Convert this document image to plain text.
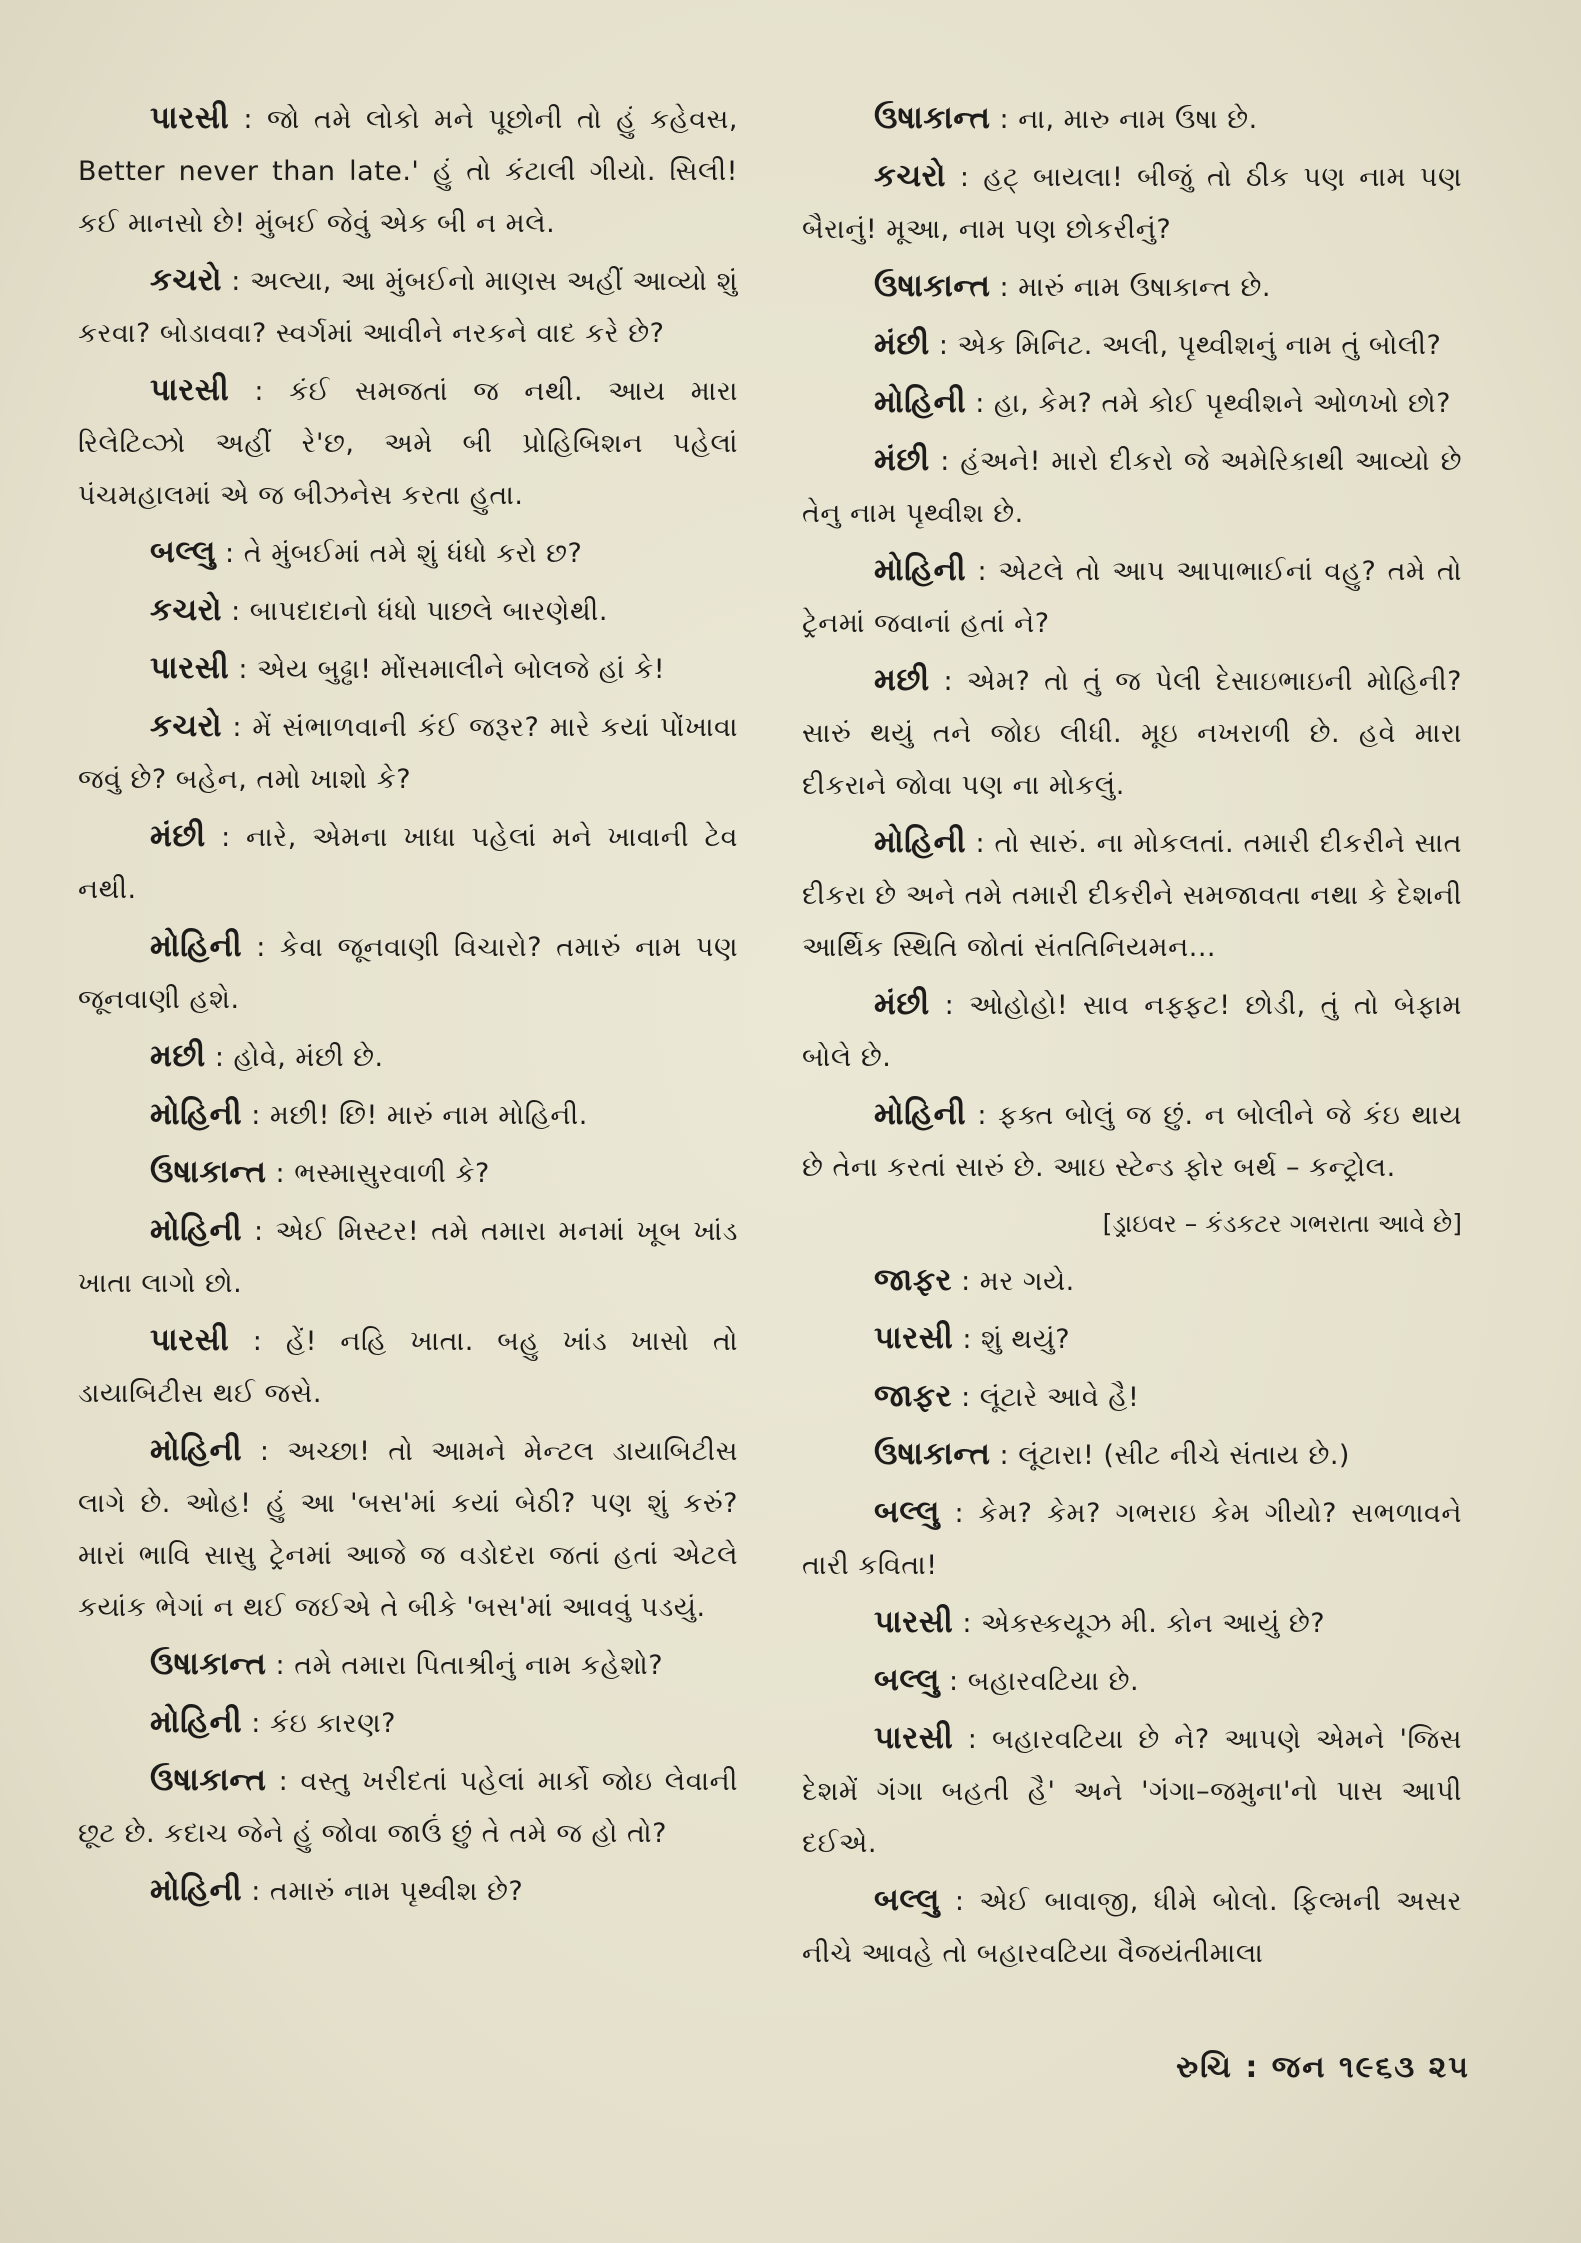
પારસી : જો તમે લોકો મને પૂછોની તો હું કહેવસ, Better never than late.' હું તો કંટાલી ગીયો. સિલી! કઈ માનસો છે! મુંબઈ જેવું એક બી ન મલે.

કચરો : અલ્યા, આ મુંબઈનો માણસ અહીં આવ્યો શું કરવા? બોડાવવા? સ્વર્ગમાં આવીને નરકને વાદ કરે છે?

પારસી : કંઈ સમજતાં જ નથી. આય મારા રિલેટિવ્ઝો અહીં રે'છ, અમે બી પ્રોહિબિશન પહેલાં પંચમહાલમાં એ જ બીઝનેસ કરતા હુતા.

બલ્લુ : તે મુંબઈમાં તમે શું ધંધો કરો છ?

કચરો : બાપદાદાનો ધંધો પાછલે બારણેથી.

પારસી : એય બુઢ્ઢા! મોંસમાલીને બોલજે હાં કે!

કચરો : મેં સંભાળવાની કંઈ જરૂર? મારે કયાં પોંખાવા જવું છે? બહેન, તમો ખાશો કે?

મંછી : નારે, એમના ખાધા પહેલાં મને ખાવાની ટેવ નથી.

મોહિની : કેવા જૂનવાણી વિચારો? તમારું નામ પણ જૂનવાણી હશે.

મછી : હોવે, મંછી છે.

મોહિની : મછી! છિ! મારું નામ મોહિની.

ઉષાકાન્ત : ભસ્માસુરવાળી કે?

મોહિની : એઈ મિસ્ટર! તમે તમારા મનમાં ખૂબ ખાંડ ખાતા લાગો છો.

પારસી : હેં! નહિ ખાતા. બહુ ખાંડ ખાસો તો ડાયાબિટીસ થઈ જસે.

મોહિની : અચ્છા! તો આમને મેન્ટલ ડાયાબિટીસ લાગે છે. ઓહ! હું આ 'બસ'માં કયાં બેઠી? પણ શું કરું? મારાં ભાવિ સાસુ ટ્રેનમાં આજે જ વડોદરા જતાં હતાં એટલે કયાંક ભેગાં ન થઈ જઈએ તે બીકે 'બસ'માં આવવું પડયું.

ઉષાકાન્ત : તમે તમારા પિતાશ્રીનું નામ કહેશો?

મોહિની : કંઇ કારણ?

ઉષાકાન્ત : વસ્તુ ખરીદતાં પહેલાં માર્કો જોઇ લેવાની છૂટ છે. કદાચ જેને હું જોવા જાઉં છું તે તમે જ હો તો?

મોહિની : તમારું નામ પૃથ્વીશ છે?

ઉષાકાન્ત : ના, મારુ નામ ઉષા છે.

કચરો : હટ્ બાયલા! બીજું તો ઠીક પણ નામ પણ બૈરાનું! મૂઆ, નામ પણ છોકરીનું?

ઉષાકાન્ત : મારું નામ ઉષાકાન્ત છે.

મંછી : એક મિનિટ. અલી, પૃથ્વીશનું નામ તું બોલી?

મોહિની : હા, કેમ? તમે કોઈ પૃથ્વીશને ઓળખો છો?

મંછી : હંઅને! મારો દીકરો જે અમેરિકાથી આવ્યો છે તેનુ નામ પૃથ્વીશ છે.

મોહિની : એટલે તો આપ આપાભાઈનાં વહુ? તમે તો ટ્રેનમાં જવાનાં હતાં ને?

મછી : એમ? તો તું જ પેલી દેસાઇભાઇની મોહિની? સારું થયું તને જોઇ લીધી. મૂઇ નખરાળી છે. હવે મારા દીકરાને જોવા પણ ના મોકલું.

મોહિની : તો સારું. ના મોકલતાં. તમારી દીકરીને સાત દીકરા છે અને તમે તમારી દીકરીને સમજાવતા નથા કે દેશની આર્થિક સ્થિતિ જોતાં સંતતિનિયમન...

મંછી : ઓહોહો! સાવ નફ્ફટ! છોડી, તું તો બેફામ બોલે છે.

મોહિની : ફક્ત બોલું જ છું. ન બોલીને જે કંઇ થાય છે તેના કરતાં સારું છે. આઇ સ્ટેન્ડ ફોર બર્થ – કન્ટ્રોલ.

[ડ્રાઇવર – કંડકટર ગભરાતા આવે છે]

જાફર : મર ગયે.

પારસી : શું થયું?

જાફર : લૂંટારે આવે હૈ!

ઉષાકાન્ત : લૂંટારા! (સીટ નીચે સંતાય છે.)

બલ્લુ : કેમ? કેમ? ગભરાઇ કેમ ગીયો? સભળાવને તારી કવિતા!

પારસી : એકસ્કયૂઝ મી. કોન આયું છે?

બલ્લુ : બહારવટિયા છે.

પારસી : બહારવટિયા છે ને? આપણે એમને 'જિસ દેશમેં ગંગા બહતી હૈ' અને 'ગંગા–જમુના'નો પાસ આપી દઈએ.

બલ્લુ : એઈ બાવાજી, ધીમે બોલો. ફિલ્મની અસર નીચે આવહે તો બહારવટિયા વૈજયંતીમાલા

રુચિ : જન ૧૯૬૩ ૨૫
